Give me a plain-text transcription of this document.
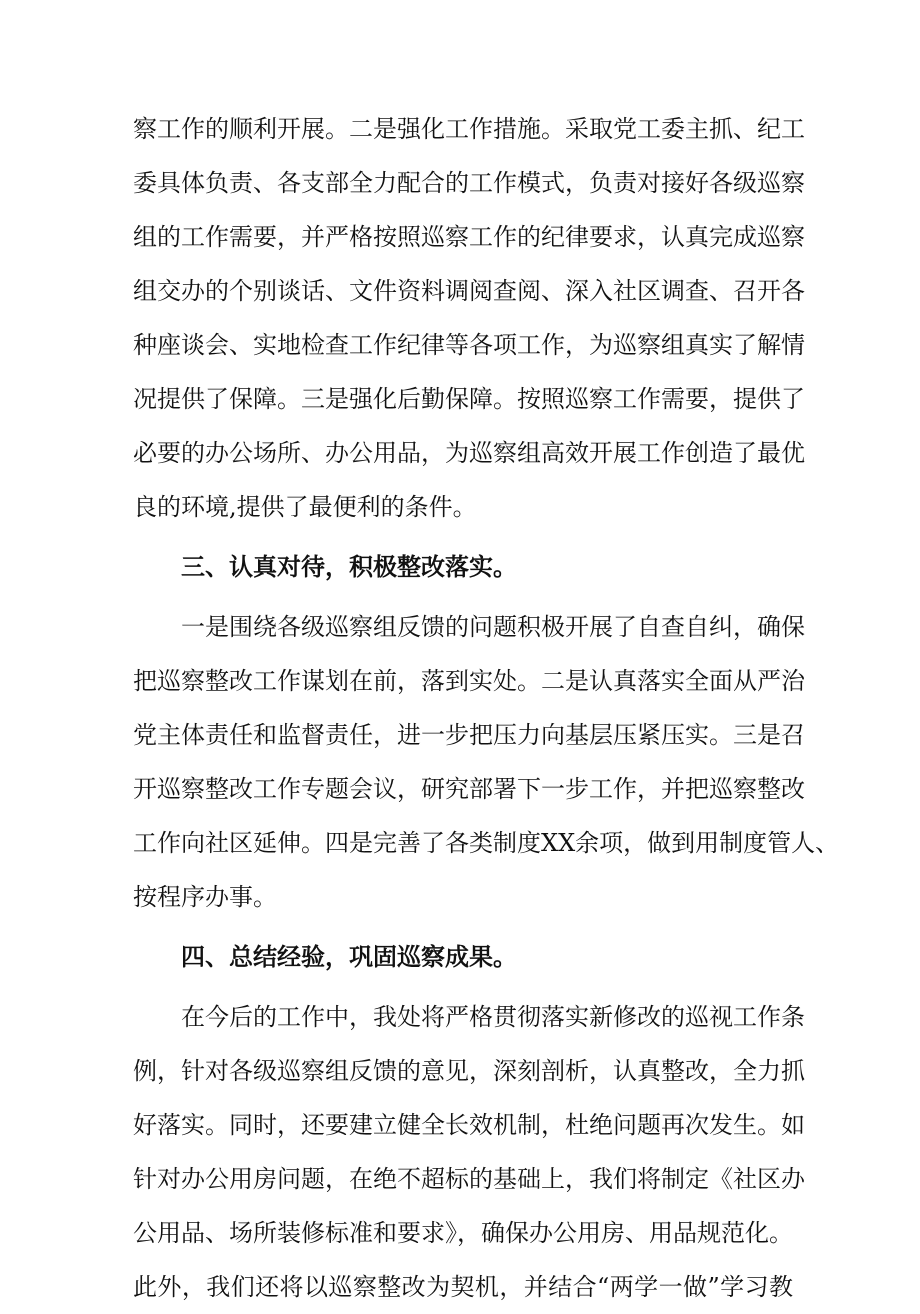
察工作的顺利开展。二是强化工作措施。采取党工委主抓、纪工
委具体负责、各支部全力配合的工作模式，负责对接好各级巡察
组的工作需要，并严格按照巡察工作的纪律要求，认真完成巡察
组交办的个别谈话、文件资料调阅查阅、深入社区调查、召开各
种座谈会、实地检查工作纪律等各项工作，为巡察组真实了解情
况提供了保障。三是强化后勤保障。按照巡察工作需要，提供了
必要的办公场所、办公用品，为巡察组高效开展工作创造了最优
良的环境,提供了最便利的条件。
三、认真对待，积极整改落实。
一是围绕各级巡察组反馈的问题积极开展了自查自纠，确保
把巡察整改工作谋划在前，落到实处。二是认真落实全面从严治
党主体责任和监督责任，进一步把压力向基层压紧压实。三是召
开巡察整改工作专题会议，研究部署下一步工作，并把巡察整改
工作向社区延伸。四是完善了各类制度XX余项，做到用制度管人、
按程序办事。
四、总结经验，巩固巡察成果。
在今后的工作中，我处将严格贯彻落实新修改的巡视工作条
例，针对各级巡察组反馈的意见，深刻剖析，认真整改，全力抓
好落实。同时，还要建立健全长效机制，杜绝问题再次发生。如
针对办公用房问题，在绝不超标的基础上，我们将制定《社区办
公用品、场所装修标准和要求》，确保办公用房、用品规范化。
此外，我们还将以巡察整改为契机，并结合“两学一做”学习教
